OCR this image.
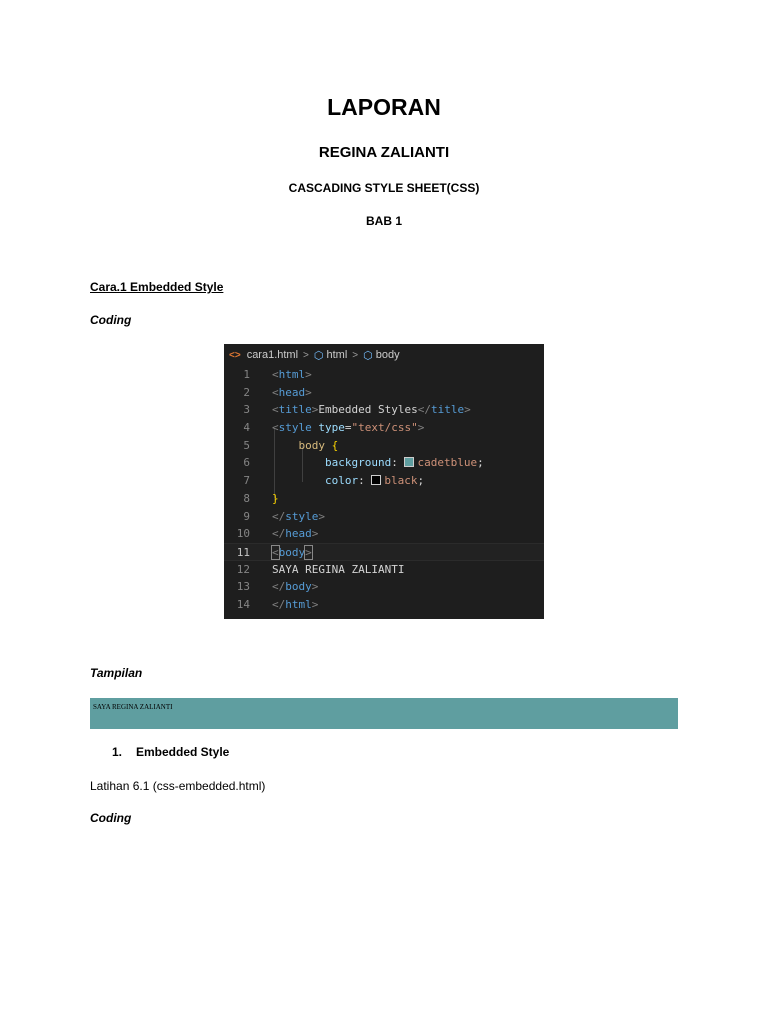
LAPORAN
REGINA ZALIANTI
CASCADING STYLE SHEET(CSS)
BAB 1
Cara.1 Embedded Style
Coding
<> cara1.html > ⬡ html > ⬡ body
1 <html>
2 <head>
3 <title>Embedded Styles</title>
4 <style type="text/css">
5	body {
6	background: cadetblue;
7	color: black;
8 }
9 </style>
10 </head>
11 <body>
12 SAYA REGINA ZALIANTI
13 </body>
14 </html>
Tampilan
SAYA REGINA ZALIANTI
1. Embedded Style
Latihan 6.1 (css-embedded.html)
Coding
